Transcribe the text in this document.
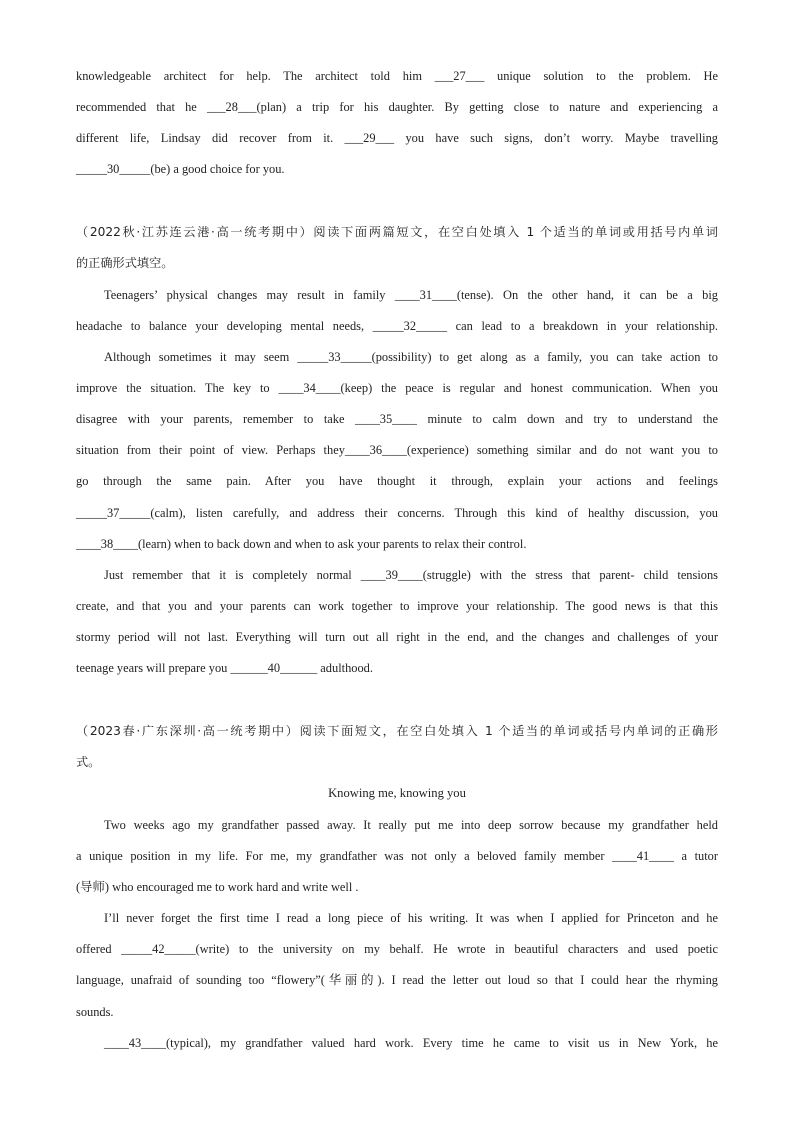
knowledgeable architect for help. The architect told him ___27___ unique solution to the problem. He
recommended that he ___28___(plan) a trip for his daughter. By getting close to nature and experiencing a
different life, Lindsay did recover from it. ___29___ you have such signs, don’t worry. Maybe travelling
_____30_____(be) a good choice for you.
（2022秋·江苏连云港·高一统考期中）阅读下面两篇短文，在空白处填入 1 个适当的单词或用括号内单词
的正确形式填空。
Teenagers’ physical changes may result in family ____31____(tense). On the other hand, it can be a big
headache to balance your developing mental needs, _____32_____ can lead to a breakdown in your relationship.
Although sometimes it may seem _____33_____(possibility) to get along as a family, you can take action to
improve the situation. The key to ____34____(keep) the peace is regular and honest communication. When you
disagree with your parents, remember to take ____35____ minute to calm down and try to understand the
situation from their point of view. Perhaps they____36____(experience) something similar and do not want you to
go through the same pain. After you have thought it through, explain your actions and feelings
_____37_____(calm), listen carefully, and address their concerns. Through this kind of healthy discussion, you
____38____(learn) when to back down and when to ask your parents to relax their control.
Just remember that it is completely normal ____39____(struggle) with the stress that parent- child tensions
create, and that you and your parents can work together to improve your relationship. The good news is that this
stormy period will not last. Everything will turn out all right in the end, and the changes and challenges of your
teenage years will prepare you ______40______ adulthood.
（2023春·广东深圳·高一统考期中）阅读下面短文，在空白处填入 1 个适当的单词或括号内单词的正确形
式。
Knowing me, knowing you
Two weeks ago my grandfather passed away. It really put me into deep sorrow because my grandfather held
a unique position in my life. For me, my grandfather was not only a beloved family member ____41____ a tutor
(导师) who encouraged me to work hard and write well .
I’ll never forget the first time I read a long piece of his writing. It was when I applied for Princeton and he
offered _____42_____(write) to the university on my behalf. He wrote in beautiful characters and used poetic
language, unafraid of sounding too “flowery”(华丽的). I read the letter out loud so that I could hear the rhyming
sounds.
____43____(typical), my grandfather valued hard work. Every time he came to visit us in New York, he
